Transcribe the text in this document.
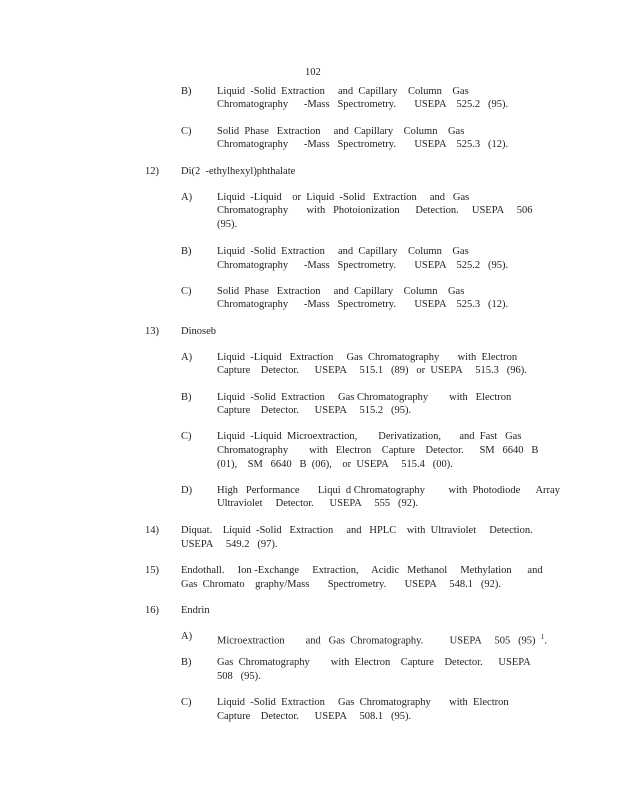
102
B) Liquid  -Solid  Extraction     and  Capillary    Column    Gas
Chromatography      -Mass   Spectrometry.       USEPA    525.2   (95).
C) Solid  Phase   Extraction     and  Capillary    Column    Gas
Chromatography      -Mass   Spectrometry.       USEPA    525.3   (12).
12) Di(2  -ethylhexyl)phthalate
A) Liquid  -Liquid    or  Liquid  -Solid   Extraction     and   Gas
Chromatography       with   Photoionization      Detection.     USEPA     506
(95).
B) Liquid  -Solid  Extraction     and  Capillary    Column    Gas
Chromatography      -Mass   Spectrometry.       USEPA    525.2   (95).
C) Solid  Phase   Extraction     and  Capillary    Column    Gas
Chromatography      -Mass   Spectrometry.       USEPA    525.3   (12).
13) Dinoseb
A) Liquid  -Liquid   Extraction     Gas  Chromatography       with  Electron
Capture    Detector.      USEPA     515.1   (89)   or  USEPA     515.3   (96).
B) Liquid  -Solid  Extraction     Gas Chromatography        with   Electron
Capture    Detector.      USEPA     515.2   (95).
C) Liquid  -Liquid  Microextraction,        Derivatization,       and  Fast   Gas
Chromatography        with   Electron    Capture    Detector.      SM   6640   B
(01),    SM   6640   B  (06),    or  USEPA     515.4   (00).
D) High   Performance       Liqui  d Chromatography         with  Photodiode      Array
Ultraviolet     Detector.      USEPA     555   (92).
14) Diquat.    Liquid  -Solid   Extraction     and   HPLC    with  Ultraviolet     Detection.
USEPA     549.2   (97).
15) Endothall.     Ion -Exchange     Extraction,     Acidic   Methanol     Methylation      and
Gas  Chromato    graphy/Mass       Spectrometry.       USEPA     548.1   (92).
16) Endrin
A) Microextraction        and   Gas  Chromatography.          USEPA     505   (95)  $^1$.
B) Gas  Chromatography        with  Electron    Capture    Detector.      USEPA
508   (95).
C) Liquid  -Solid  Extraction     Gas  Chromatography       with  Electron
Capture    Detector.      USEPA     508.1   (95).
